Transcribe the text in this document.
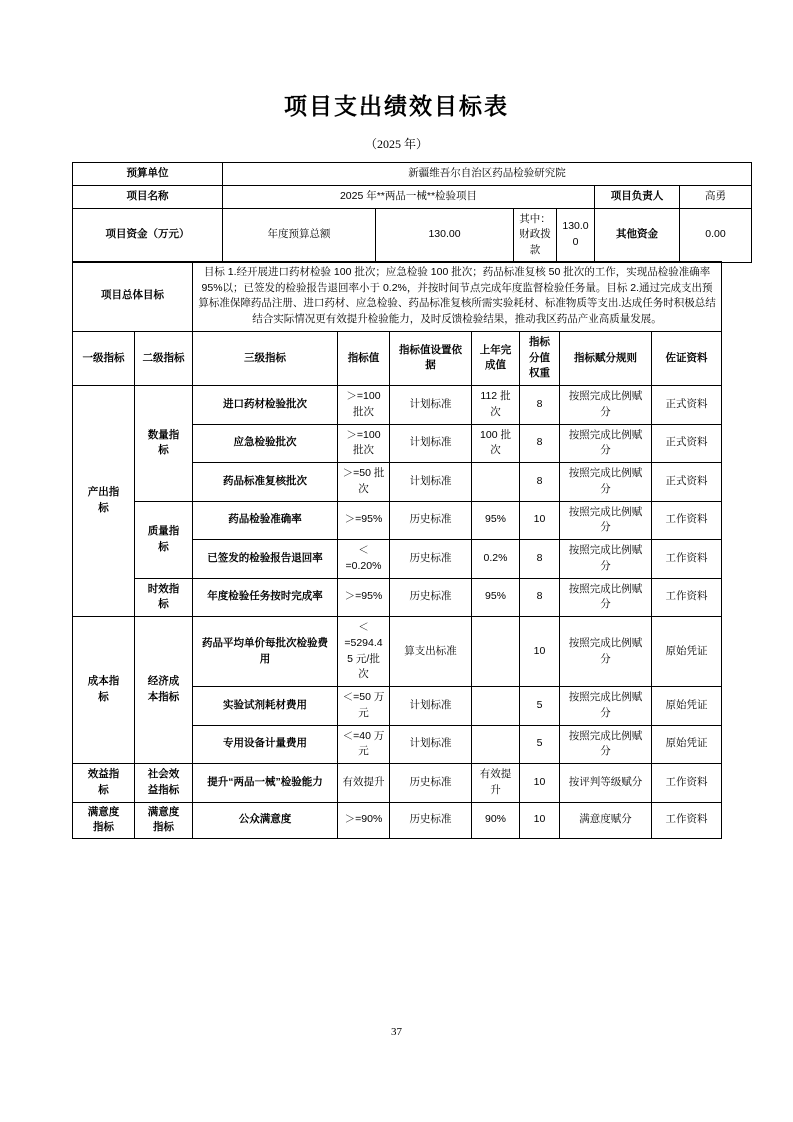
项目支出绩效目标表
（2025 年）
预算单位	新疆维吾尔自治区药品检验研究院					
项目名称	2025 年**两品一械**检验项目				项目负责人	高勇
项目资金（万元）	年度预算总额	130.00	其中：财政拨款	130.00	其他资金	0.00
项目总体目标		目标 1.经开展进口药材检验 100 批次；应急检验 100 批次；药品标准复核 50 批次的工作，实现品检验准确率 95%以；已签发的检验报告退回率小于 0.2%，并按时间节点完成年度监督检验任务量。目标 2.通过完成支出预算标准保障药品注册、进口药材、应急检验、药品标准复核所需实验耗材、标准物质等支出.达成任务时积极总结结合实际情况更有效提升检验能力，及时反馈检验结果，推动我区药品产业高质量发展。						
一级指标	二级指标	三级指标	指标值	指标值设置依据	上年完成值	指标分值权重	指标赋分规则	佐证资料
产出指标	数量指标	进口药材检验批次	＞=100 批次	计划标准	112 批次	8	按照完成比例赋分	正式资料
		应急检验批次	＞=100 批次	计划标准	100 批次	8	按照完成比例赋分	正式资料
		药品标准复核批次	＞=50 批次	计划标准		8	按照完成比例赋分	正式资料
	质量指标	药品检验准确率	＞=95%	历史标准	95%	10	按照完成比例赋分	工作资料
		已签发的检验报告退回率	＜=0.20%	历史标准	0.2%	8	按照完成比例赋分	工作资料
	时效指标	年度检验任务按时完成率	＞=95%	历史标准	95%	8	按照完成比例赋分	工作资料
成本指标	经济成本指标	药品平均单价每批次检验费用	＜=5294.45 元/批次	算支出标准		10	按照完成比例赋分	原始凭证
		实验试剂耗材费用	＜=50 万元	计划标准		5	按照完成比例赋分	原始凭证
		专用设备计量费用	＜=40 万元	计划标准		5	按照完成比例赋分	原始凭证
效益指标	社会效益指标	提升“两品一械”检验能力	有效提升	历史标准	有效提升	10	按评判等级赋分	工作资料
满意度指标	满意度指标	公众满意度	＞=90%	历史标准	90%	10	满意度赋分	工作资料
37
